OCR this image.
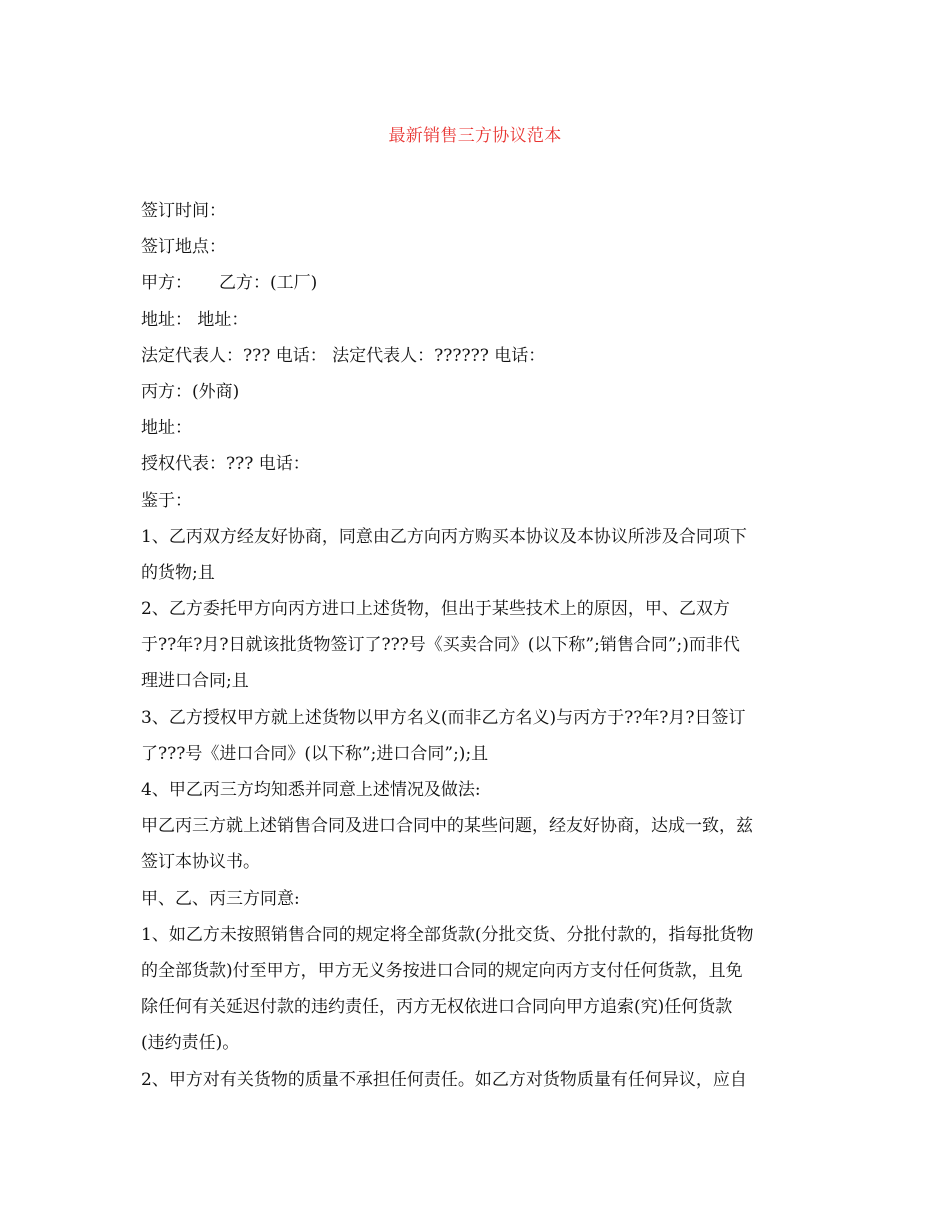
最新销售三方协议范本
签订时间：
签订地点：
甲方：     乙方：(工厂)
地址： 地址：
法定代表人：??? 电话： 法定代表人：?????? 电话：
丙方：(外商)
地址：
授权代表：??? 电话：
鉴于：
1、乙丙双方经友好协商，同意由乙方向丙方购买本协议及本协议所涉及合同项下
的货物;且
2、乙方委托甲方向丙方进口上述货物，但出于某些技术上的原因，甲、乙双方
于??年?月?日就该批货物签订了???号《买卖合同》(以下称”;销售合同”;)而非代
理进口合同;且
3、乙方授权甲方就上述货物以甲方名义(而非乙方名义)与丙方于??年?月?日签订
了???号《进口合同》(以下称”;进口合同”;);且
4、甲乙丙三方均知悉并同意上述情况及做法:
甲乙丙三方就上述销售合同及进口合同中的某些问题，经友好协商，达成一致，兹
签订本协议书。
甲、乙、丙三方同意:
1、如乙方未按照销售合同的规定将全部货款(分批交货、分批付款的，指每批货物
的全部货款)付至甲方，甲方无义务按进口合同的规定向丙方支付任何货款，且免
除任何有关延迟付款的违约责任，丙方无权依进口合同向甲方追索(究)任何货款
(违约责任)。
2、甲方对有关货物的质量不承担任何责任。如乙方对货物质量有任何异议，应自
